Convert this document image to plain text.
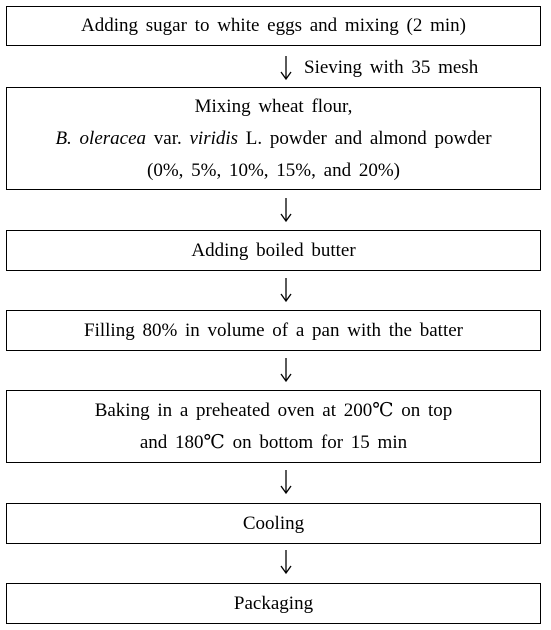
Adding sugar to white eggs and mixing (2 min)
Sieving with 35 mesh
Mixing wheat flour,
B. oleracea var. viridis L. powder and almond powder
(0%, 5%, 10%, 15%, and 20%)
Adding boiled butter
Filling 80% in volume of a pan with the batter
Baking in a preheated oven at 200℃ on top
and 180℃ on bottom for 15 min
Cooling
Packaging
